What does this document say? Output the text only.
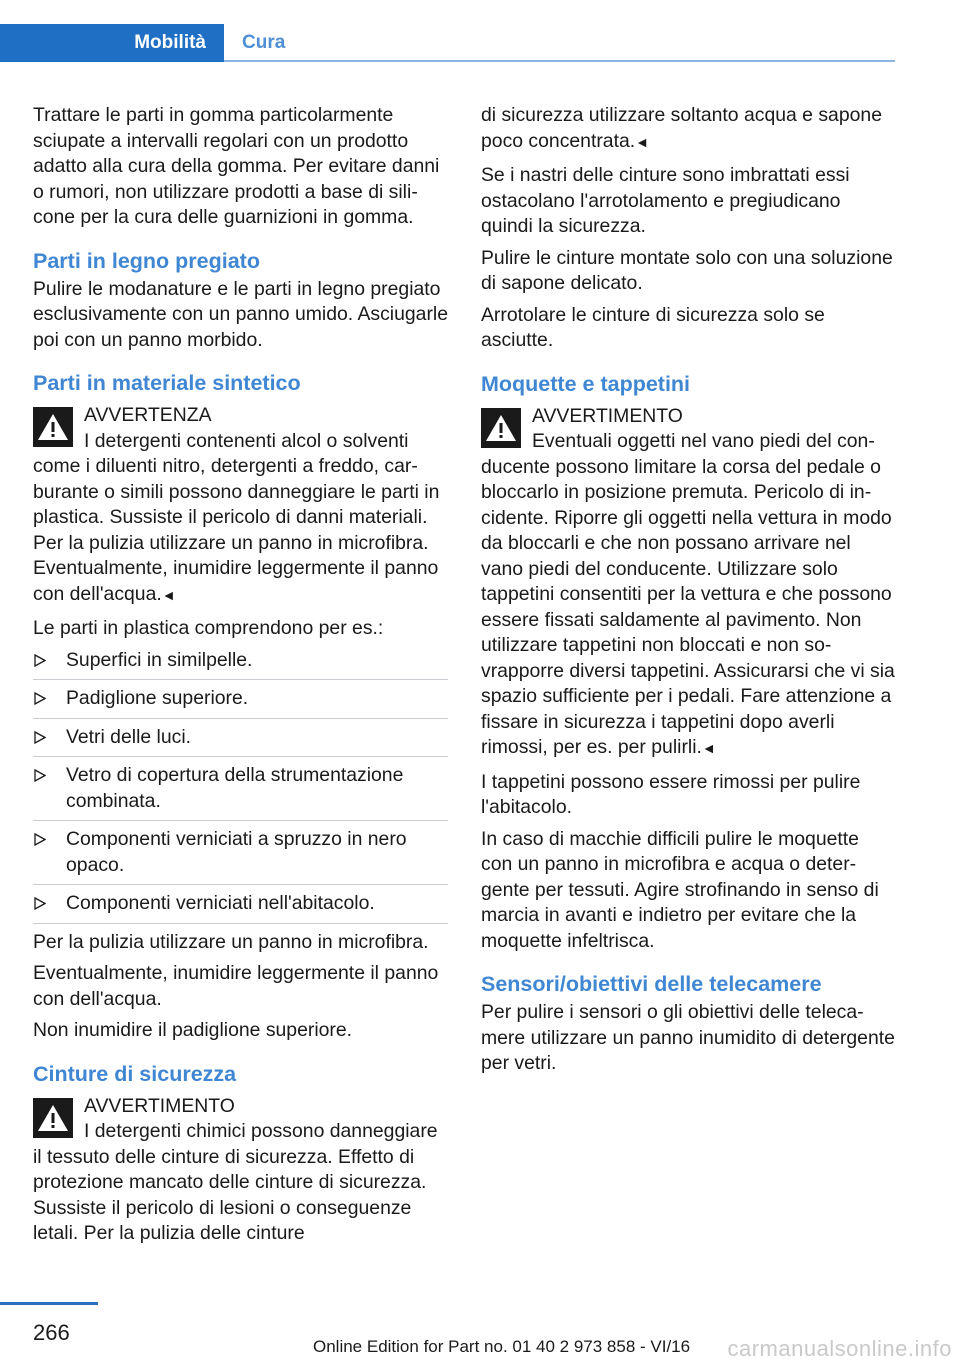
Mobilità	Cura

Trattare le parti in gomma particolarmente sciupate a intervalli regolari con un prodotto adatto alla cura della gomma. Per evitare danni o rumori, non utilizzare prodotti a base di silicone per la cura delle guarnizioni in gomma.

Parti in legno pregiato

Pulire le modanature e le parti in legno pregiato esclusivamente con un panno umido. Asciugarle poi con un panno morbido.

Parti in materiale sintetico
AVVERTENZA
I detergenti contenenti alcol o solventi come i diluenti nitro, detergenti a freddo, carburante o simili possono danneggiare le parti in plastica. Sussiste il pericolo di danni materiali. Per la pulizia utilizzare un panno in microfibra. Eventualmente, inumidire leggermente il panno con dell'acqua.◄

Le parti in plastica comprendono per es.:

Superfici in similpelle.
Padiglione superiore.
Vetri delle luci.
Vetro di copertura della strumentazione combinata.
Componenti verniciati a spruzzo in nero opaco.
Componenti verniciati nell'abitacolo.

Per la pulizia utilizzare un panno in microfibra.

Eventualmente, inumidire leggermente il panno con dell'acqua.

Non inumidire il padiglione superiore.

Cinture di sicurezza
AVVERTIMENTO
I detergenti chimici possono danneggiare il tessuto delle cinture di sicurezza. Effetto di protezione mancato delle cinture di sicurezza. Sussiste il pericolo di lesioni o conseguenze letali. Per la pulizia delle cinture

di sicurezza utilizzare soltanto acqua e sapone poco concentrata.◄

Se i nastri delle cinture sono imbrattati essi ostacolano l'arrotolamento e pregiudicano quindi la sicurezza.

Pulire le cinture montate solo con una soluzione di sapone delicato.

Arrotolare le cinture di sicurezza solo se asciutte.

Moquette e tappetini
AVVERTIMENTO
Eventuali oggetti nel vano piedi del conducente possono limitare la corsa del pedale o bloccarlo in posizione premuta. Pericolo di incidente. Riporre gli oggetti nella vettura in modo da bloccarli e che non possano arrivare nel vano piedi del conducente. Utilizzare solo tappetini consentiti per la vettura e che possono essere fissati saldamente al pavimento. Non utilizzare tappetini non bloccati e non sovrapporre diversi tappetini. Assicurarsi che vi sia spazio sufficiente per i pedali. Fare attenzione a fissare in sicurezza i tappetini dopo averli rimossi, per es. per pulirli.◄

I tappetini possono essere rimossi per pulire l'abitacolo.

In caso di macchie difficili pulire le moquette con un panno in microfibra e acqua o detergente per tessuti. Agire strofinando in senso di marcia in avanti e indietro per evitare che la moquette infeltrisca.

Sensori/obiettivi delle telecamere

Per pulire i sensori o gli obiettivi delle telecamere utilizzare un panno inumidito di detergente per vetri.

266
Online Edition for Part no. 01 40 2 973 858 - VI/16 carmanualsonline.info
